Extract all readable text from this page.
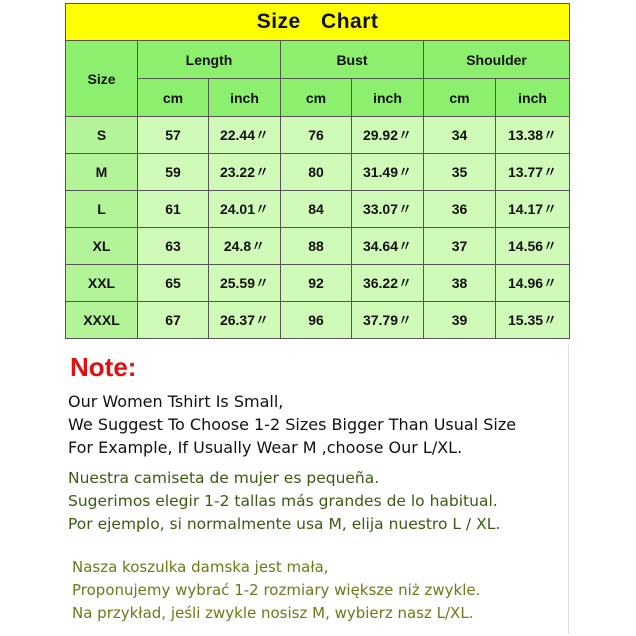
Size Chart						
Size	Length		Bust		Shoulder	
	cm	inch	cm	inch	cm	inch
S	57	22.44〃	76	29.92〃	34	13.38〃
M	59	23.22〃	80	31.49〃	35	13.77〃
L	61	24.01〃	84	33.07〃	36	14.17〃
XL	63	24.8〃	88	34.64〃	37	14.56〃
XXL	65	25.59〃	92	36.22〃	38	14.96〃
XXXL	67	26.37〃	96	37.79〃	39	15.35〃
Note:
Our Women Tshirt Is Small,
We Suggest To Choose 1-2 Sizes Bigger Than Usual Size
For Example, If Usually Wear M ,choose Our L/XL.
Nuestra camiseta de mujer es pequeña.
Sugerimos elegir 1-2 tallas más grandes de lo habitual.
Por ejemplo, si normalmente usa M, elija nuestro L / XL.
Nasza koszulka damska jest mała,
Proponujemy wybrać 1-2 rozmiary większe niż zwykle.
Na przykład, jeśli zwykle nosisz M, wybierz nasz L/XL.
